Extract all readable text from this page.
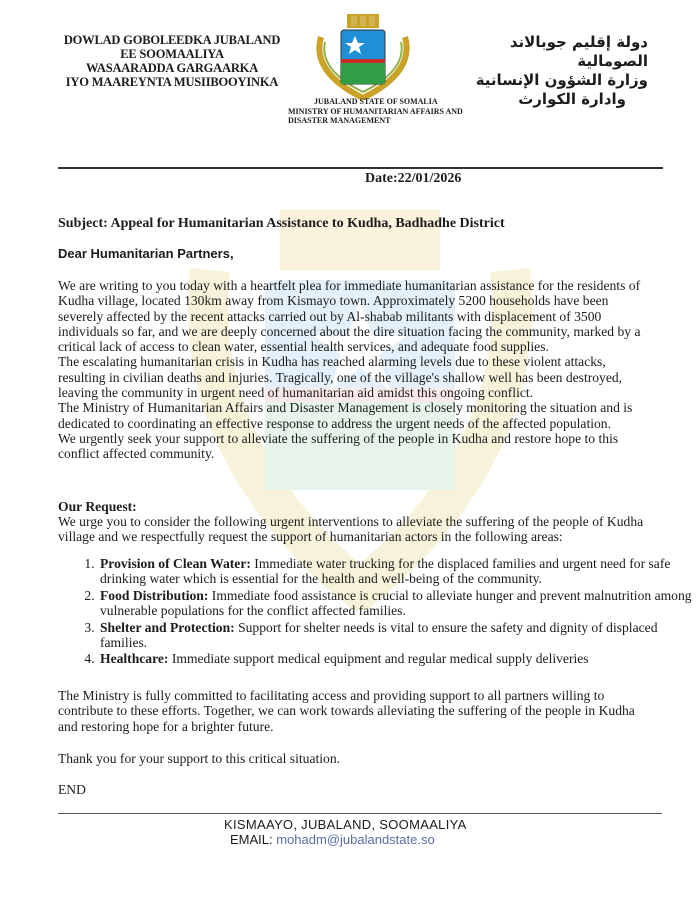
DOWLAD GOBOLEEDKA JUBALAND
EE SOOMAALIYA
WASAARADDA GARGAARKA
IYO MAAREYNTA MUSIIBOOYINKA
JUBALAND STATE OF SOMALIA
MINISTRY OF HUMANITARIAN AFFAIRS AND
DISASTER MANAGEMENT
دولة إقليم جوبالاند الصومالية
وزارة الشؤون الإنسانية
وادارة الكوارث
Date:22/01/2026
Subject: Appeal for Humanitarian Assistance to Kudha, Badhadhe District
Dear Humanitarian Partners,
We are writing to you today with a heartfelt plea for immediate humanitarian assistance for the residents of Kudha village, located 130km away from Kismayo town. Approximately 5200 households have been severely affected by the recent attacks carried out by Al-shabab militants with displacement of 3500 individuals so far, and we are deeply concerned about the dire situation facing the community, marked by a critical lack of access to clean water, essential health services, and adequate food supplies.
The escalating humanitarian crisis in Kudha has reached alarming levels due to these violent attacks, resulting in civilian deaths and injuries. Tragically, one of the village's shallow well has been destroyed, leaving the community in urgent need of humanitarian aid amidst this ongoing conflict.
The Ministry of Humanitarian Affairs and Disaster Management is closely monitoring the situation and is dedicated to coordinating an effective response to address the urgent needs of the affected population.
We urgently seek your support to alleviate the suffering of the people in Kudha and restore hope to this conflict affected community.
Our Request:
We urge you to consider the following urgent interventions to alleviate the suffering of the people of Kudha village and we respectfully request the support of humanitarian actors in the following areas:
1. Provision of Clean Water: Immediate water trucking for the displaced families and urgent need for safe drinking water which is essential for the health and well-being of the community.
2. Food Distribution: Immediate food assistance is crucial to alleviate hunger and prevent malnutrition among vulnerable populations for the conflict affected families.
3. Shelter and Protection: Support for shelter needs is vital to ensure the safety and dignity of displaced families.
4. Healthcare: Immediate support medical equipment and regular medical supply deliveries
The Ministry is fully committed to facilitating access and providing support to all partners willing to contribute to these efforts. Together, we can work towards alleviating the suffering of the people in Kudha and restoring hope for a brighter future.
Thank you for your support to this critical situation.
END
KISMAAYO, JUBALAND, SOOMAALIYA
EMAIL: mohadm@jubalandstate.so
